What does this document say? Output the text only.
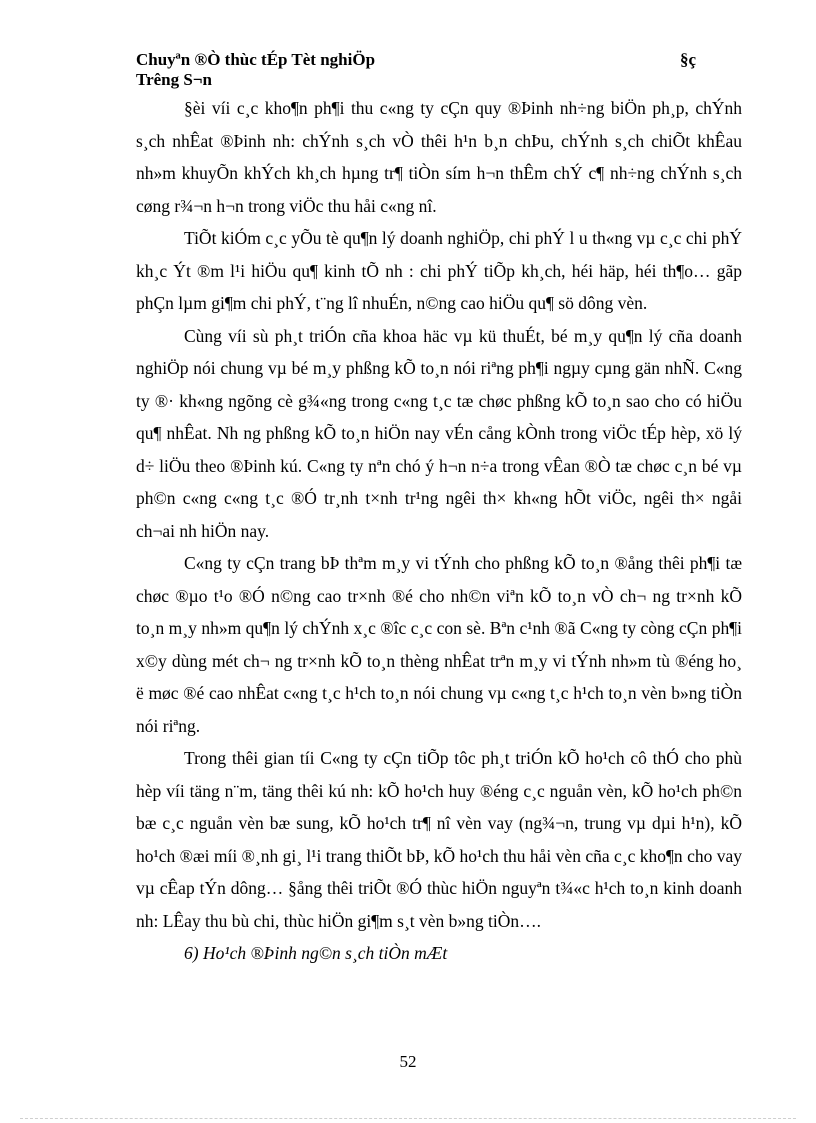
Chuyªn ®Ò thùc tÉp Tèt nghiÖp	§ç
Trêng S¬n

§èi víi c¸c kho¶n ph¶i thu c«ng ty cÇn quy ®Þinh nh÷ng biÖn ph¸p, chÝnh s¸ch nhÊat ®Þinh nh: chÝnh s¸ch vÒ thêi h¹n b¸n chÞu, chÝnh s¸ch chiÕt khÊau nh»m khuyÕn khÝch kh¸ch hµng tr¶ tiÒn sím h¬n thÊm chÝ c¶ nh÷ng chÝnh s¸ch cøng r¾¬n h¬n trong viÖc thu håi c«ng nî.

TiÕt kiÓm c¸c yÕu tè qu¶n lý doanh nghiÖp, chi phÝ l u th«ng vµ c¸c chi phÝ kh¸c Ýt ®m l¹i hiÖu qu¶ kinh tÕ nh : chi phÝ tiÕp kh¸ch, héi häp, héi th¶o… gãp phÇn lµm gi¶m chi phÝ, t¨ng lî nhuÉn, n©ng cao hiÖu qu¶ sö dông vèn.

Cùng víi sù ph¸t triÓn cña khoa häc vµ kü thuÉt, bé m¸y qu¶n lý cña doanh nghiÖp nói chung vµ bé m¸y phßng kÕ to¸n nói riªng ph¶i ngµy cµng gän nhÑ. C«ng ty ®· kh«ng ngõng cè g¾«ng trong c«ng t¸c tæ chøc phßng kÕ to¸n sao cho có hiÖu qu¶ nhÊat. Nh ng phßng kÕ to¸n hiÖn nay vÉn cång kÒnh trong viÖc tÉp hèp, xö lý d÷ liÖu theo ®Þinh kú. C«ng ty nªn chó ý h¬n n÷a trong vÊan ®Ò tæ chøc c¸n bé vµ ph©n c«ng c«ng t¸c ®Ó tr¸nh t×nh tr¹ng ngêi th× kh«ng hÕt viÖc, ngêi th× ngåi ch¬ai nh hiÖn nay.

C«ng ty cÇn trang bÞ thªm m¸y vi tÝnh cho phßng kÕ to¸n ®ång thêi ph¶i tæ chøc ®µo t¹o ®Ó n©ng cao tr×nh ®é cho nh©n viªn kÕ to¸n vÒ ch¬ ng tr×nh kÕ to¸n m¸y nh»m qu¶n lý chÝnh x¸c ®îc c¸c con sè. Bªn c¹nh ®ã C«ng ty còng cÇn ph¶i x©y dùng mét ch¬ ng tr×nh kÕ to¸n thèng nhÊat trªn m¸y vi tÝnh nh»m tù ®éng ho¸ ë møc ®é cao nhÊat c«ng t¸c h¹ch to¸n nói chung vµ c«ng t¸c h¹ch to¸n vèn b»ng tiÒn nói riªng.

Trong thêi gian tíi C«ng ty cÇn tiÕp tôc ph¸t triÓn kÕ ho¹ch cô thÓ cho phù hèp víi täng n¨m, täng thêi kú nh: kÕ ho¹ch huy ®éng c¸c nguån vèn, kÕ ho¹ch ph©n bæ c¸c nguån vèn bæ sung, kÕ ho¹ch tr¶ nî vèn vay (ng¾¬n, trung vµ dµi h¹n), kÕ ho¹ch ®æi míi ®¸nh gi¸ l¹i trang thiÕt bÞ, kÕ ho¹ch thu håi vèn cña c¸c kho¶n cho vay vµ cÊap tÝn dông… §ång thêi triÕt ®Ó thùc hiÖn nguyªn t¾«c h¹ch to¸n kinh doanh nh: LÊay thu bù chi, thùc hiÖn gi¶m s¸t vèn b»ng tiÒn….

6) Ho¹ch ®Þinh ng©n s¸ch tiÒn mÆt

52
